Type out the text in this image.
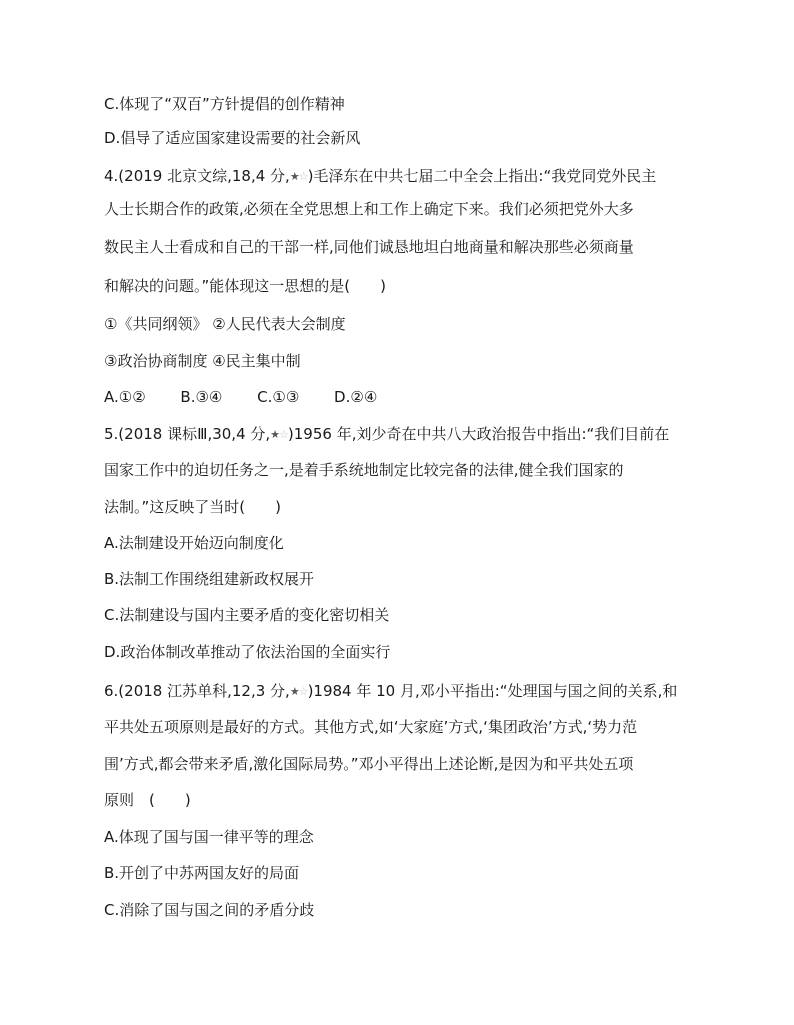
C.体现了“双百”方针提倡的创作精神
D.倡导了适应国家建设需要的社会新风
4.(2019 北京文综,18,4 分,★☆)毛泽东在中共七届二中全会上指出:“我党同党外民主
人士长期合作的政策,必须在全党思想上和工作上确定下来。我们必须把党外大多
数民主人士看成和自己的干部一样,同他们诚恳地坦白地商量和解决那些必须商量
和解决的问题。”能体现这一思想的是(　　)
①《共同纲领》 ②人民代表大会制度
③政治协商制度 ④民主集中制
A.①②　 　B.③④　 　C.①③　 　D.②④
5.(2018 课标Ⅲ,30,4 分,★☆)1956 年,刘少奇在中共八大政治报告中指出:“我们目前在
国家工作中的迫切任务之一,是着手系统地制定比较完备的法律,健全我们国家的
法制。”这反映了当时(　　)
A.法制建设开始迈向制度化
B.法制工作围绕组建新政权展开
C.法制建设与国内主要矛盾的变化密切相关
D.政治体制改革推动了依法治国的全面实行
6.(2018 江苏单科,12,3 分,★☆)1984 年 10 月,邓小平指出:“处理国与国之间的关系,和
平共处五项原则是最好的方式。其他方式,如‘大家庭’方式,‘集团政治’方式,‘势力范
围’方式,都会带来矛盾,激化国际局势。”邓小平得出上述论断,是因为和平共处五项
原则　(　　)
A.体现了国与国一律平等的理念
B.开创了中苏两国友好的局面
C.消除了国与国之间的矛盾分歧
